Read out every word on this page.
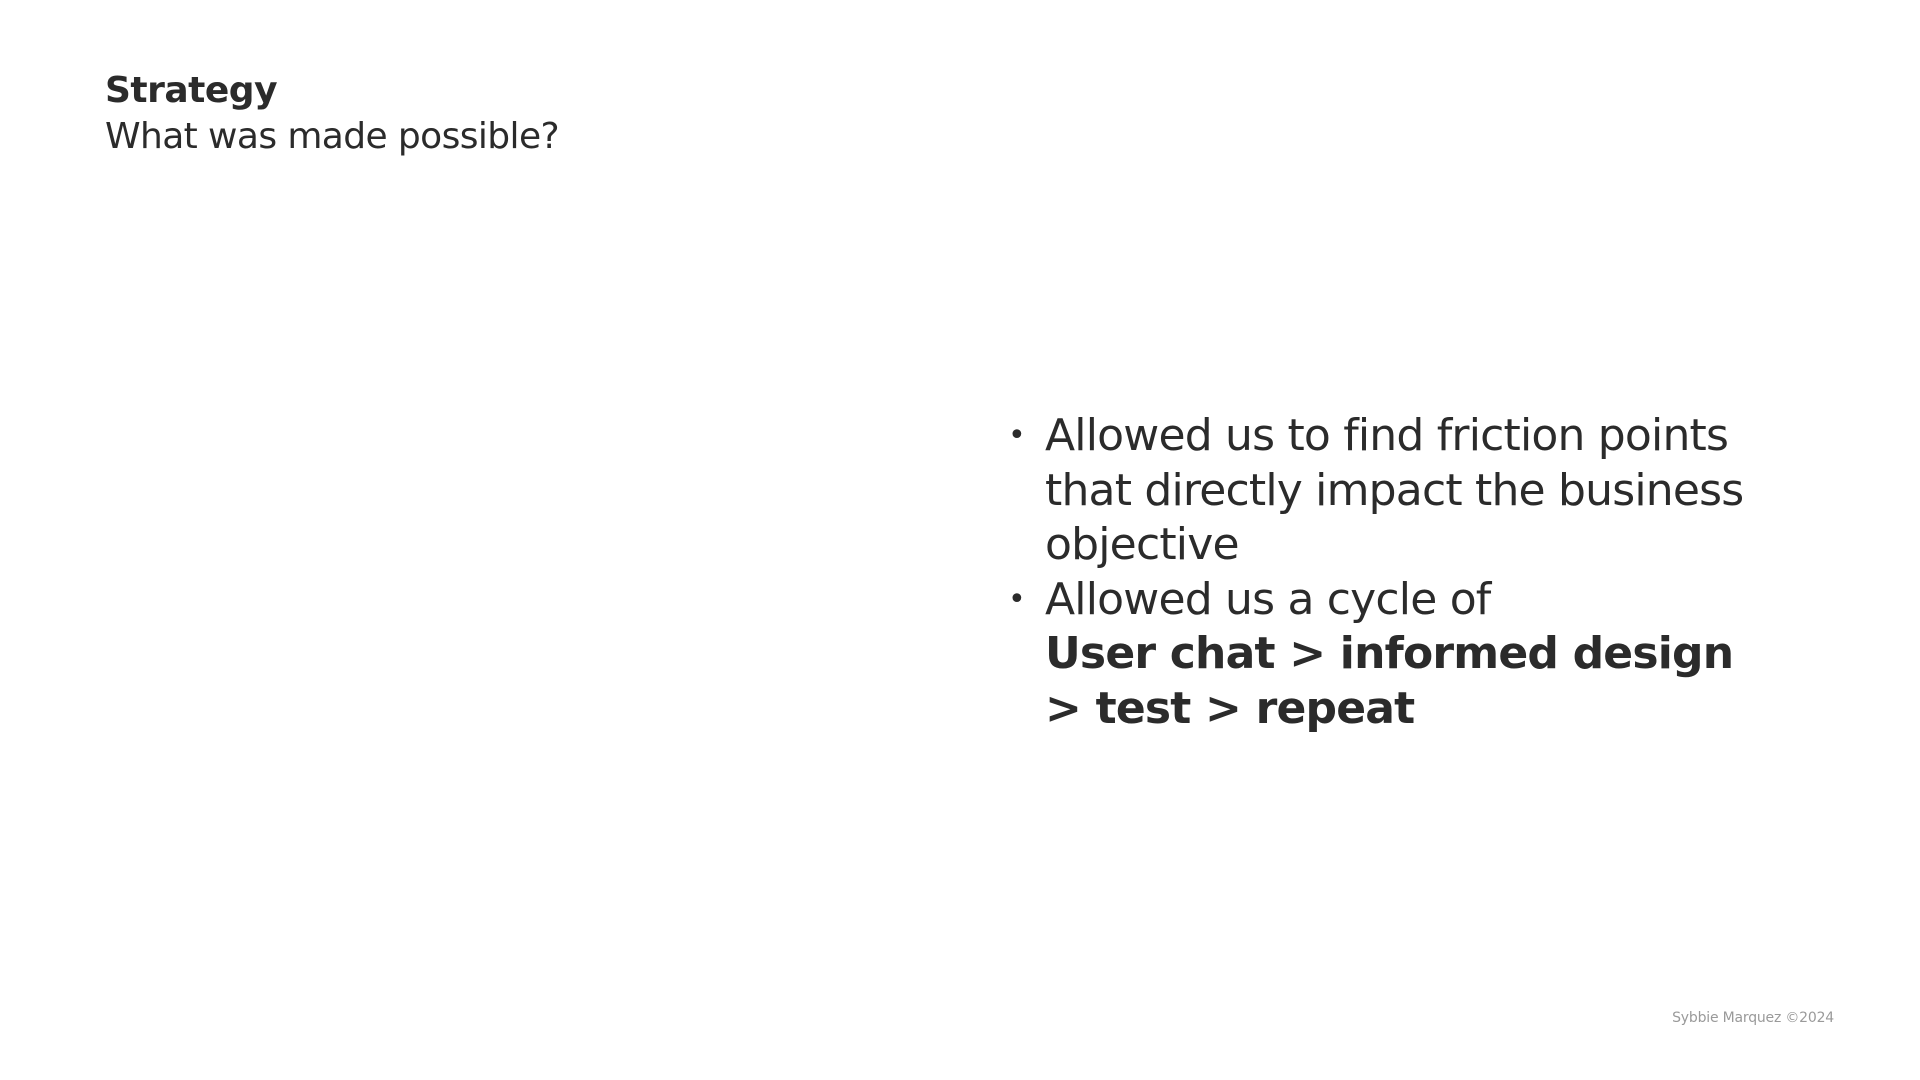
Strategy
What was made possible?
• Allowed us to find friction points that directly impact the business objective
• Allowed us a cycle of
User chat > informed design > test > repeat
Sybbie Marquez ©2024
